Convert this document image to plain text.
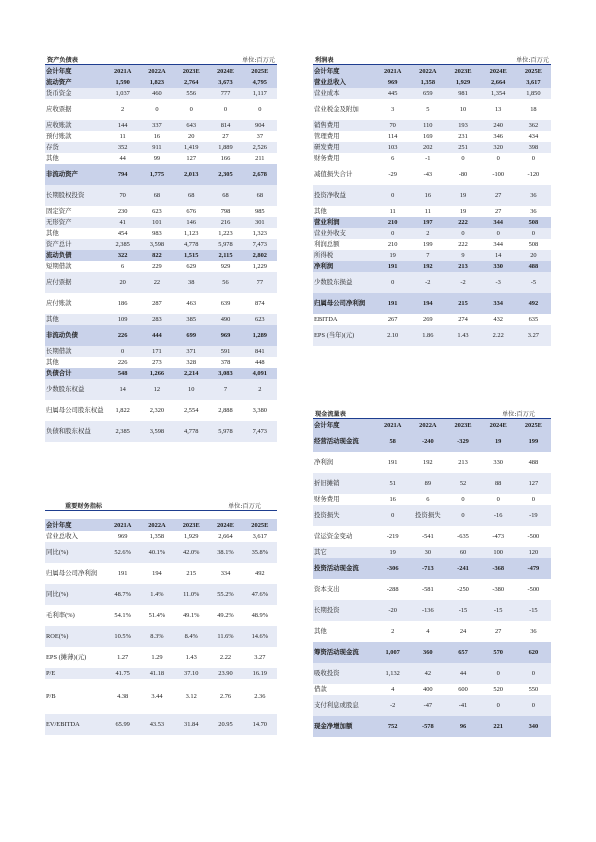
资产负债表	单位:百万元
会计年度	2021A	2022A	2023E	2024E	2025E
流动资产	1,590	1,823	2,764	3,673	4,795
货币资金	1,037	460	556	777	1,117
应收票据	2	0	0	0	0
应收账款	144	337	643	814	904
预付账款	11	16	20	27	37
存货	352	911	1,419	1,889	2,526
其他	44	99	127	166	211
非流动资产	794	1,775	2,013	2,305	2,678
长期股权投资	70	68	68	68	68
固定资产	230	623	676	798	985
无形资产	41	101	146	216	301
其他	454	983	1,123	1,223	1,323
资产总计	2,385	3,598	4,778	5,978	7,473
流动负债	322	822	1,515	2,115	2,802
短期借款	6	229	629	929	1,229
应付票据	20	22	38	56	77
应付账款	186	287	463	639	874
其他	109	283	385	490	623
非流动负债	226	444	699	969	1,289
长期借款	0	171	371	591	841
其他	226	273	328	378	448
负债合计	548	1,266	2,214	3,083	4,091
少数股东权益	14	12	10	7	2
归属母公司股东权益	1,822	2,320	2,554	2,888	3,380
负债和股东权益	2,385	3,598	4,778	5,978	7,473
重要财务指标	单位:百万元
会计年度	2021A	2022A	2023E	2024E	2025E
营业总收入	969	1,358	1,929	2,664	3,617
同比(%)	52.6%	40.1%	42.0%	38.1%	35.8%
归属母公司净利润	191	194	215	334	492
同比(%)	48.7%	1.4%	11.0%	55.2%	47.6%
毛利率(%)	54.1%	51.4%	49.1%	49.2%	48.9%
ROE(%)	10.5%	8.3%	8.4%	11.6%	14.6%
EPS (摊薄)(元)	1.27	1.29	1.43	2.22	3.27
P/E	41.75	41.18	37.10	23.90	16.19
P/B	4.38	3.44	3.12	2.76	2.36
EV/EBITDA	65.99	43.53	31.84	20.95	14.70
利润表	单位:百万元
会计年度	2021A	2022A	2023E	2024E	2025E
营业总收入	969	1,358	1,929	2,664	3,617
营业成本	445	659	981	1,354	1,850
营业税金及附加	3	5	10	13	18
销售费用	70	110	193	240	362
管理费用	114	169	231	346	434
研发费用	103	202	251	320	398
财务费用	6	-1	0	0	0
减值损失合计	-29	-43	-80	-100	-120
投资净收益	0	16	19	27	36
其他	11	11	19	27	36
营业利润	210	197	222	344	508
营业外收支	0	2	0	0	0
利润总额	210	199	222	344	508
所得税	19	7	9	14	20
净利润	191	192	213	330	488
少数股东损益	0	-2	-2	-3	-5
归属母公司净利润	191	194	215	334	492
EBITDA	267	269	274	432	635
EPS (当年)(元)	2.10	1.86	1.43	2.22	3.27
现金流量表	单位:百万元
会计年度	2021A	2022A	2023E	2024E	2025E
经营活动现金流	58	-240	-329	19	199
净利润	191	192	213	330	488
折旧摊销	51	89	52	88	127
财务费用	16	6	0	0	0
投资损失	0	投资损失	0	-16	-19
营运资金变动	-219	-541	-635	-473	-500
其它	19	30	60	100	120
投资活动现金流	-306	-713	-241	-368	-479
资本支出	-288	-581	-250	-380	-500
长期投资	-20	-136	-15	-15	-15
其他	2	4	24	27	36
筹资活动现金流	1,007	360	657	570	620
吸收投资	1,132	42	44	0	0
借款	4	400	600	520	550
支付利息或股息	-2	-47	-41	0	0
现金净增加额	752	-578	96	221	340
